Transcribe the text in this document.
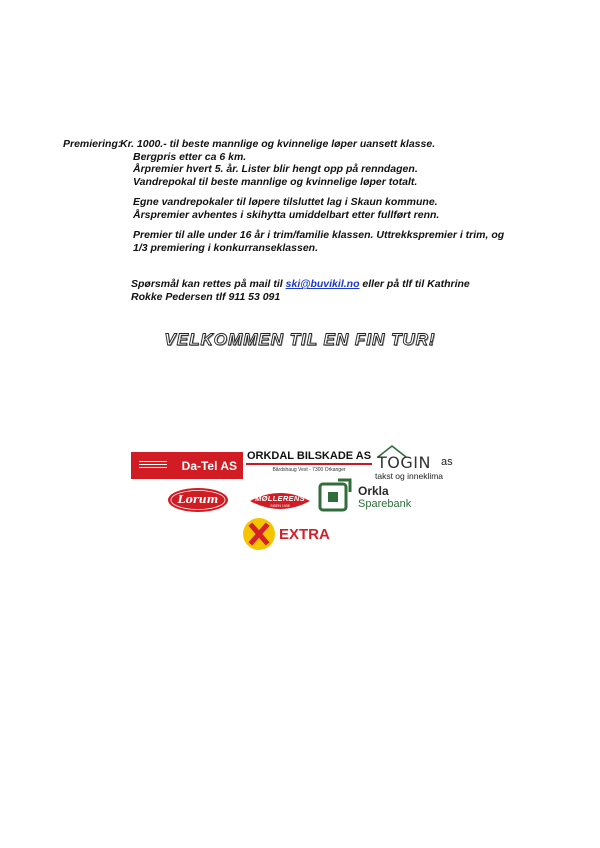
Premiering:
Kr. 1000.- til beste mannlige og kvinnelige løper uansett klasse.
Bergpris etter ca 6 km.
Årpremier hvert 5. år. Lister blir hengt opp på renndagen.
Vandrepokal til beste mannlige og kvinnelige løper totalt.
Egne vandrepokaler til løpere tilsluttet lag i Skaun kommune.
Årspremier avhentes i skihytta umiddelbart etter fullført renn.
Premier til alle under 16 år i trim/familie klassen. Uttrekkspremier i trim, og
1/3 premiering i konkurranseklassen.
Spørsmål kan rettes på mail til ski@buvikil.no eller på tlf til Kathrine
Rokke Pedersen tlf 911 53 091
VELKOMMEN TIL EN FIN TUR!
Da-Tel AS
ORKDAL BILSKADE AS
Bårdshaug Vest - 7300 Orkanger	TOGIN as
takst og inneklima
Lorum	MØLLERENS
SIDEN 1908
Orkla
Sparebank
EXTRA
